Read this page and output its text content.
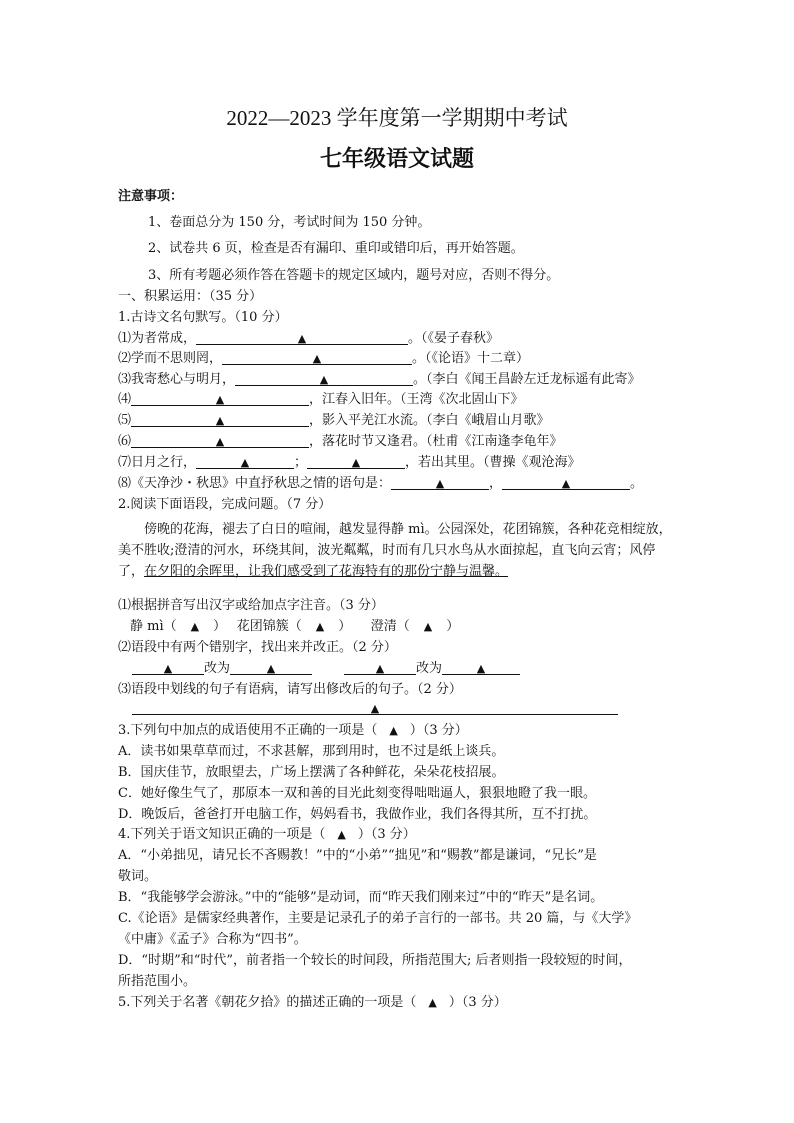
2022—2023 学年度第一学期期中考试
七年级语文试题
注意事项：
1、卷面总分为 150 分，考试时间为 150 分钟。
2、试卷共 6 页，检查是否有漏印、重印或错印后，再开始答题。
3、所有考题必须作答在答题卡的规定区域内，题号对应，否则不得分。
一、积累运用：（35 分）
1.古诗文名句默写。（10 分）
⑴为者常成，	▲	。（《晏子春秋》
⑵学而不思则罔，	▲	。（《论语》十二章）
⑶我寄愁心与明月，	▲	。（李白《闻王昌龄左迁龙标遥有此寄》
⑷	▲	，江春入旧年。（王湾《次北固山下》
⑸	▲	，影入平羌江水流。（李白《峨眉山月歌》
⑹	▲	，落花时节又逢君。（杜甫《江南逢李龟年》
⑺日月之行，	▲	；	▲	，若出其里。（曹操《观沧海》
⑻《天净沙・秋思》中直抒秋思之情的语句是：	▲	，	▲	。
2.阅读下面语段，完成问题。（7 分）
傍晚的花海，褪去了白日的喧闹，越发显得静 mì。公园深处，花团锦簇，各种花竞相绽放，美不胜收;澄清的河水，环绕其间，波光粼粼，时而有几只水鸟从水面掠起，直飞向云宵；风停了，在夕阳的余晖里，让我们感受到了花海特有的那份宁静与温馨。
⑴根据拼音写出汉字或给加点字注音。（3 分）
静 mì（ ▲ ）　 花团锦簇（ ▲ ）　　澄清（ ▲ ）
⑵语段中有两个错别字，找出来并改正。（2 分）
▲ 改为	▲	▲ 改为	▲
⑶语段中划线的句子有语病，请写出修改后的句子。（2 分）
▲
3.下列句中加点的成语使用不正确的一项是（ ▲ ）（3 分）
A．读书如果草草而过，不求甚解，那到用时，也不过是纸上谈兵。
B．国庆佳节，放眼望去，广场上摆满了各种鲜花，朵朵花枝招展。
C．她好像生气了，那原本一双和善的目光此刻变得咄咄逼人，狠狠地瞪了我一眼。
D．晚饭后，爸爸打开电脑工作，妈妈看书，我做作业，我们各得其所，互不打扰。
4.下列关于语文知识正确的一项是（ ▲ ）（3 分）
A．“小弟拙见，请兄长不吝赐教！”中的“小弟”“拙见”和“赐教”都是谦词，“兄长”是
敬词。
B．“我能够学会游泳。”中的“能够”是动词，而“昨天我们刚来过”中的“昨天”是名词。
C.《论语》是儒家经典著作，主要是记录孔子的弟子言行的一部书。共 20 篇，与《大学》
《中庸》《孟子》合称为“四书”。
D．“时期”和“时代”，前者指一个较长的时间段，所指范围大; 后者则指一段较短的时间，
所指范围小。
5.下列关于名著《朝花夕拾》的描述正确的一项是（ ▲ ）（3 分）
